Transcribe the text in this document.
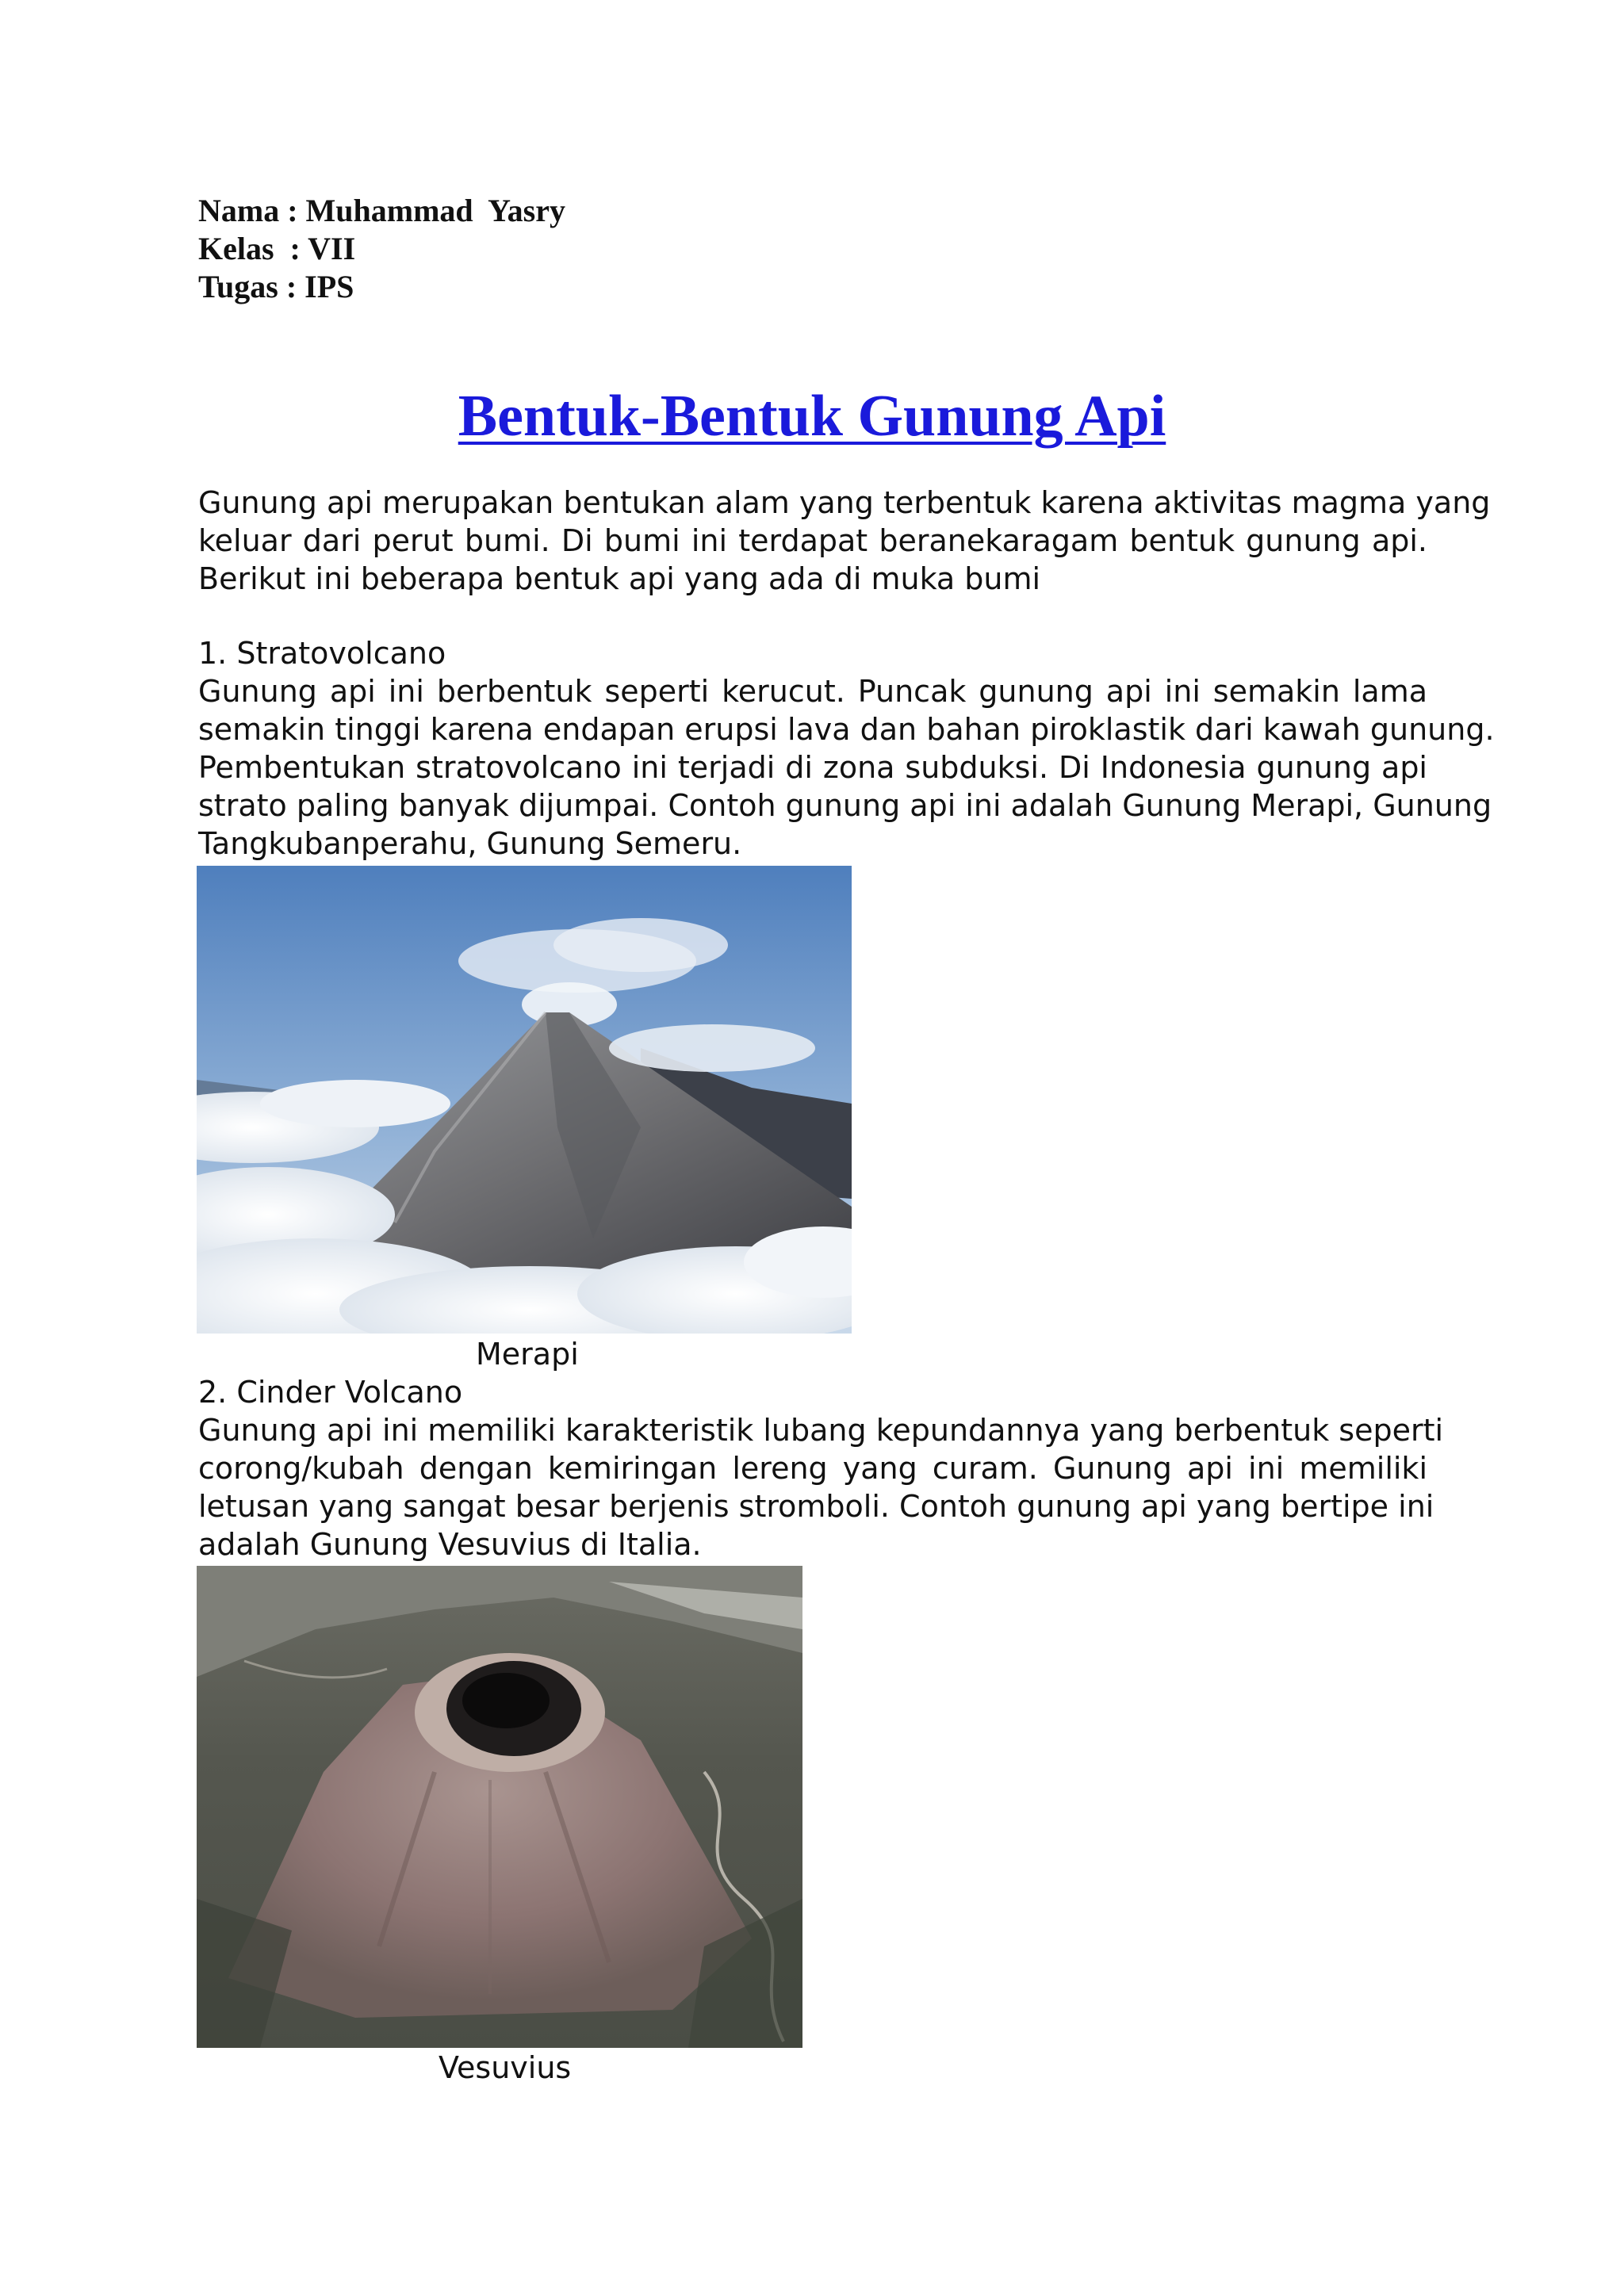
Nama : Muhammad  Yasry
Kelas  : VII
Tugas : IPS
Bentuk-Bentuk Gunung Api
Gunung api merupakan bentukan alam yang terbentuk karena aktivitas magma yang
keluar dari perut bumi. Di bumi ini terdapat beranekaragam bentuk gunung api.
Berikut ini beberapa bentuk api yang ada di muka bumi
1. Stratovolcano
Gunung api ini berbentuk seperti kerucut. Puncak gunung api ini semakin lama
semakin tinggi karena endapan erupsi lava dan bahan piroklastik dari kawah gunung.
Pembentukan stratovolcano ini terjadi di zona subduksi. Di Indonesia gunung api
strato paling banyak dijumpai. Contoh gunung api ini adalah Gunung Merapi, Gunung
Tangkubanperahu, Gunung Semeru.
Merapi
2. Cinder Volcano
Gunung api ini memiliki karakteristik lubang kepundannya yang berbentuk seperti
corong/kubah dengan kemiringan lereng yang curam. Gunung api ini memiliki
letusan yang sangat besar berjenis stromboli. Contoh gunung api yang bertipe ini
adalah Gunung Vesuvius di Italia.
Vesuvius
